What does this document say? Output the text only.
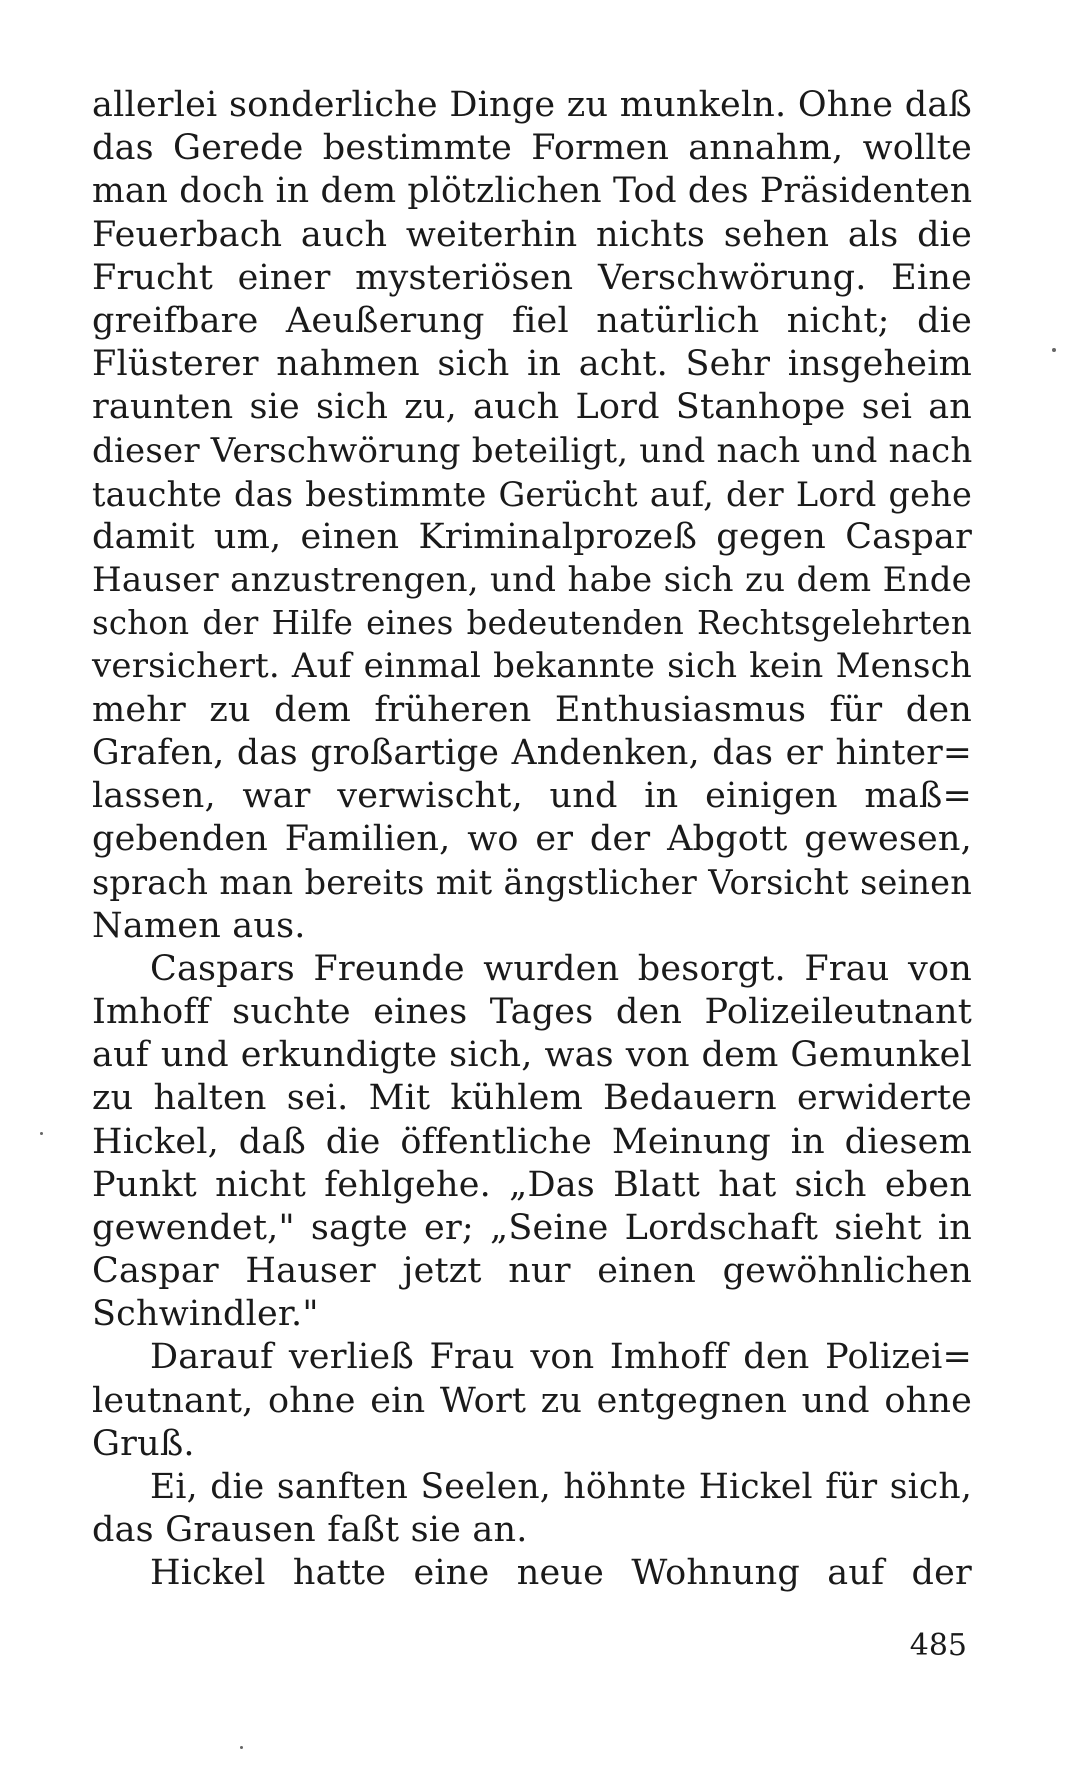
allerlei sonderliche Dinge zu munkeln. Ohne daß
das Gerede bestimmte Formen annahm, wollte
man doch in dem plötzlichen Tod des Präsidenten
Feuerbach auch weiterhin nichts sehen als die
Frucht einer mysteriösen Verschwörung. Eine
greifbare Aeußerung fiel natürlich nicht; die
Flüsterer nahmen sich in acht. Sehr insgeheim
raunten sie sich zu, auch Lord Stanhope sei an
dieser Verschwörung beteiligt, und nach und nach
tauchte das bestimmte Gerücht auf, der Lord gehe
damit um, einen Kriminalprozeß gegen Caspar
Hauser anzustrengen, und habe sich zu dem Ende
schon der Hilfe eines bedeutenden Rechtsgelehrten
versichert. Auf einmal bekannte sich kein Mensch
mehr zu dem früheren Enthusiasmus für den
Grafen, das großartige Andenken, das er hinter=
lassen, war verwischt, und in einigen maß=
gebenden Familien, wo er der Abgott gewesen,
sprach man bereits mit ängstlicher Vorsicht seinen
Namen aus.
Caspars Freunde wurden besorgt. Frau von
Imhoff suchte eines Tages den Polizeileutnant
auf und erkundigte sich, was von dem Gemunkel
zu halten sei. Mit kühlem Bedauern erwiderte
Hickel, daß die öffentliche Meinung in diesem
Punkt nicht fehlgehe. „Das Blatt hat sich eben
gewendet," sagte er; „Seine Lordschaft sieht in
Caspar Hauser jetzt nur einen gewöhnlichen
Schwindler."
Darauf verließ Frau von Imhoff den Polizei=
leutnant, ohne ein Wort zu entgegnen und ohne
Gruß.
Ei, die sanften Seelen, höhnte Hickel für sich,
das Grausen faßt sie an.
Hickel hatte eine neue Wohnung auf der
485
